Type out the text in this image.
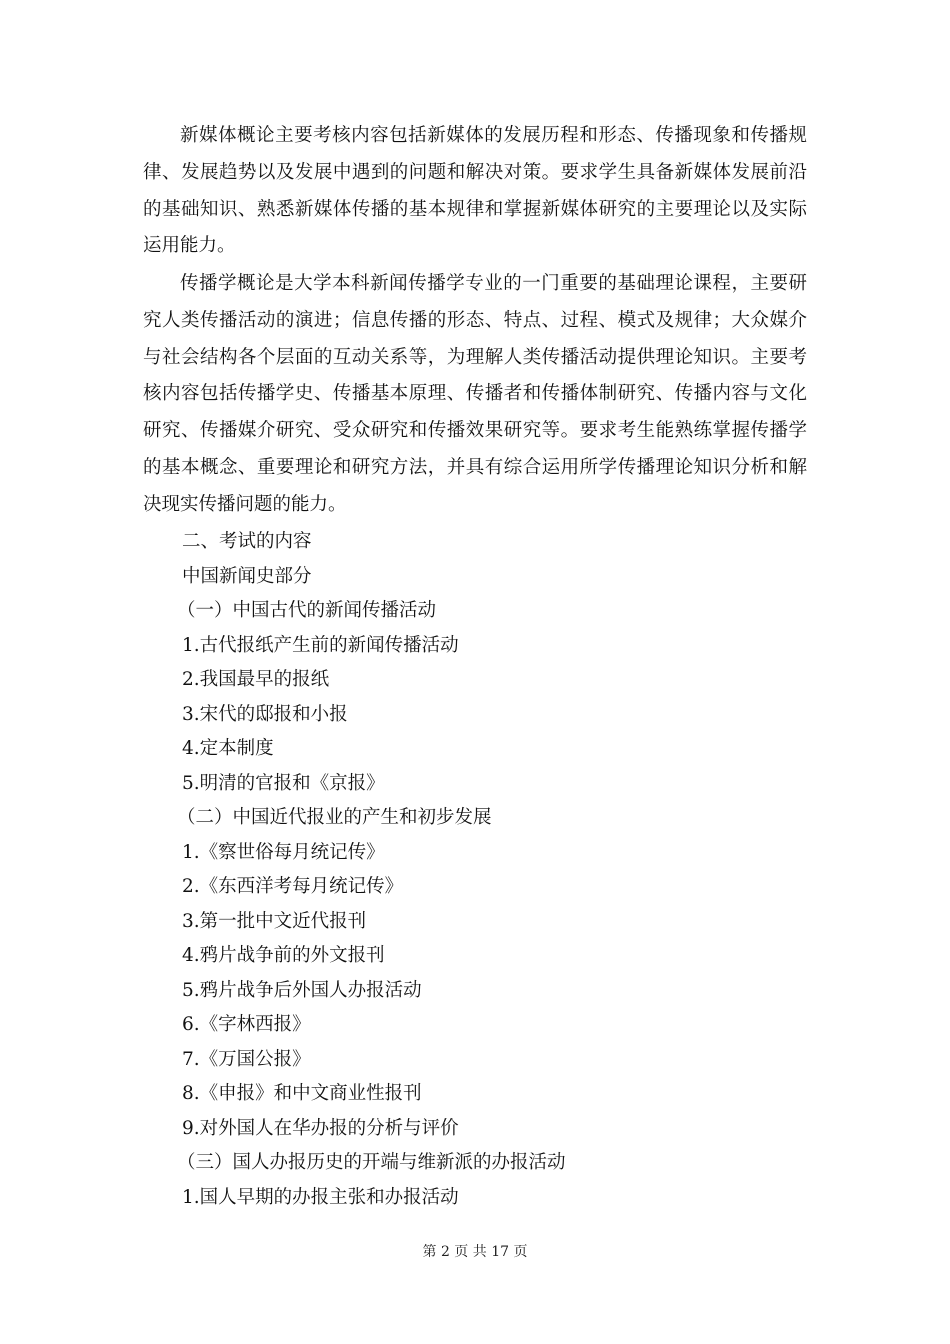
新媒体概论主要考核内容包括新媒体的发展历程和形态、传播现象和传播规律、发展趋势以及发展中遇到的问题和解决对策。要求学生具备新媒体发展前沿的基础知识、熟悉新媒体传播的基本规律和掌握新媒体研究的主要理论以及实际运用能力。

传播学概论是大学本科新闻传播学专业的一门重要的基础理论课程，主要研究人类传播活动的演进；信息传播的形态、特点、过程、模式及规律；大众媒介与社会结构各个层面的互动关系等，为理解人类传播活动提供理论知识。主要考核内容包括传播学史、传播基本原理、传播者和传播体制研究、传播内容与文化研究、传播媒介研究、受众研究和传播效果研究等。要求考生能熟练掌握传播学的基本概念、重要理论和研究方法，并具有综合运用所学传播理论知识分析和解决现实传播问题的能力。

二、考试的内容

中国新闻史部分

（一）中国古代的新闻传播活动

1.古代报纸产生前的新闻传播活动

2.我国最早的报纸

3.宋代的邸报和小报

4.定本制度

5.明清的官报和《京报》

（二）中国近代报业的产生和初步发展

1.《察世俗每月统记传》

2.《东西洋考每月统记传》

3.第一批中文近代报刊

4.鸦片战争前的外文报刊

5.鸦片战争后外国人办报活动

6.《字林西报》

7.《万国公报》

8.《申报》和中文商业性报刊

9.对外国人在华办报的分析与评价

（三）国人办报历史的开端与维新派的办报活动

1.国人早期的办报主张和办报活动

第 2 页 共 17 页
